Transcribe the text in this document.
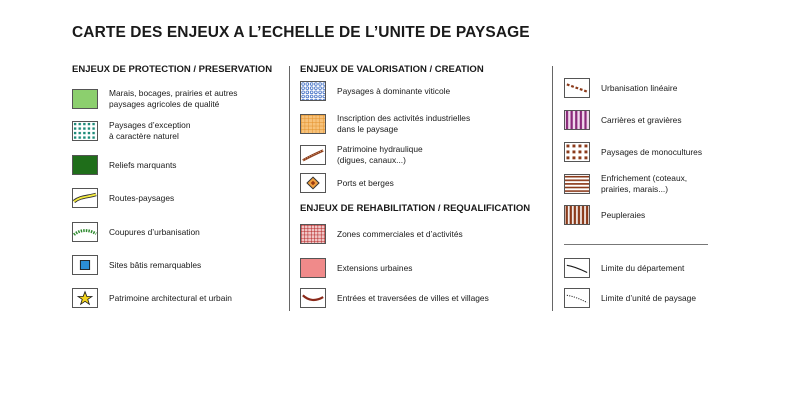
CARTE DES ENJEUX A L’ECHELLE DE L’UNITE DE PAYSAGE
ENJEUX DE PROTECTION / PRESERVATION
Marais, bocages, prairies et autres
paysages agricoles de qualité
Paysages d’exception
à caractère naturel
Reliefs marquants
Routes-paysages
Coupures d’urbanisation
Sites bâtis remarquables
Patrimoine architectural et urbain
ENJEUX DE VALORISATION / CREATION
Paysages à dominante viticole
Inscription des activités industrielles
dans le paysage
Patrimoine hydraulique
(digues, canaux...)
Ports et berges
ENJEUX DE REHABILITATION / REQUALIFICATION
Zones commerciales et d’activités
Extensions urbaines
Entrées et traversées de villes et villages
Urbanisation linéaire
Carrières et gravières
Paysages de monocultures
Enfrichement (coteaux,
prairies, marais...)
Peupleraies
Limite du département
Limite d’unité de paysage
